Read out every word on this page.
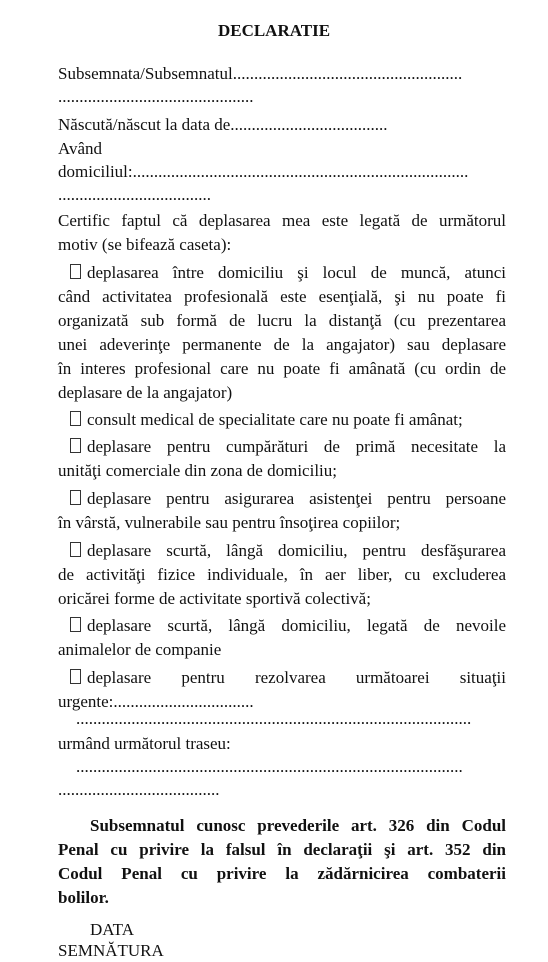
DECLARATIE
Subsemnata/Subsemnatul......................................................
..............................................
Născută/născut la data de.....................................
Având
domiciliul:...............................................................................
....................................
Certific faptul că deplasarea mea este legată de următorul
motiv (se bifează caseta):
deplasarea între domiciliu şi locul de muncă, atunci
când activitatea profesională este esenţială, şi nu poate fi
organizată sub formă de lucru la distanţă (cu prezentarea
unei adeverinţe permanente de la angajator) sau deplasare
în interes profesional care nu poate fi amânată (cu ordin de
deplasare de la angajator)
consult medical de specialitate care nu poate fi amânat;
deplasare pentru cumpărături de primă necesitate la
unităţi comerciale din zona de domiciliu;
deplasare pentru asigurarea asistenţei pentru persoane
în vârstă, vulnerabile sau pentru însoţirea copiilor;
deplasare scurtă, lângă domiciliu, pentru desfăşurarea
de activităţi fizice individuale, în aer liber, cu excluderea
oricărei forme de activitate sportivă colectivă;
deplasare scurtă, lângă domiciliu, legată de nevoile
animalelor de companie
deplasare pentru rezolvarea următoarei situaţii
urgente:.................................
.............................................................................................
urmând următorul traseu:
...........................................................................................
......................................
Subsemnatul cunosc prevederile art. 326 din Codul
Penal cu privire la falsul în declaraţii şi art. 352 din
Codul Penal cu privire la zădărnicirea combaterii
bolilor.
DATA
SEMNĂTURA
